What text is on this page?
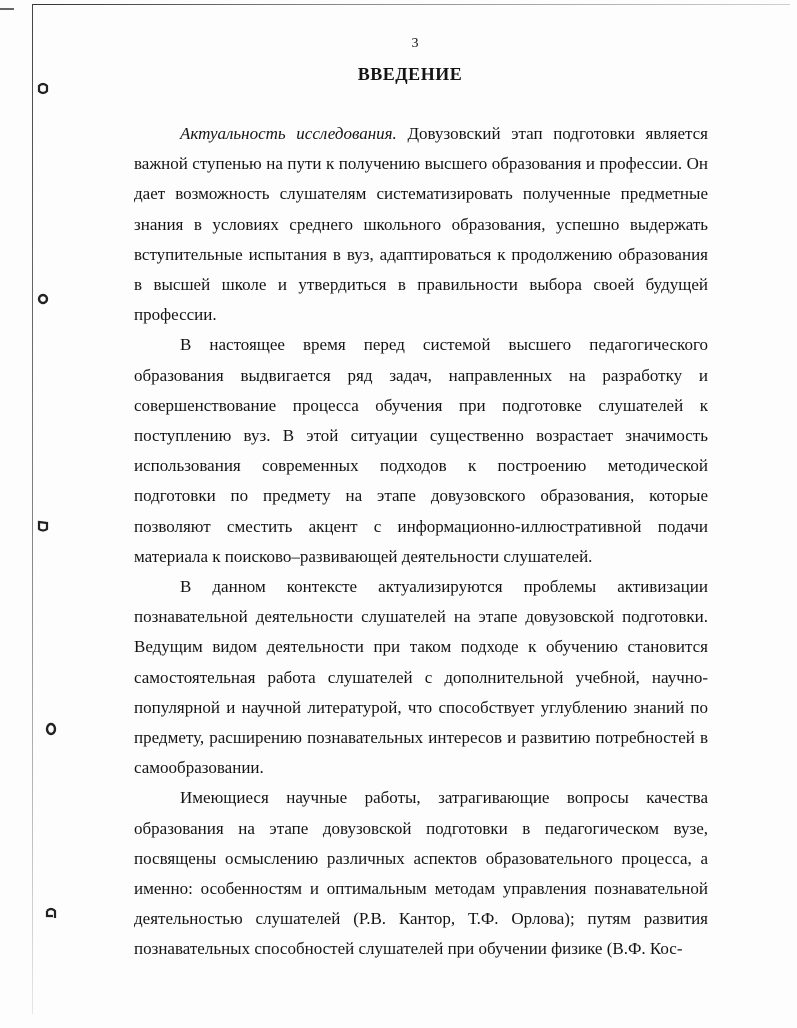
3
ВВЕДЕНИЕ

Актуальность исследования. Довузовский этап подготовки является важной ступенью на пути к получению высшего образования и профессии. Он дает возможность слушателям систематизировать полученные предметные знания в условиях среднего школьного образования, успешно выдержать вступительные испытания в вуз, адаптироваться к продолжению образования в высшей школе и утвердиться в правильности выбора своей будущей профессии.

В настоящее время перед системой высшего педагогического образования выдвигается ряд задач, направленных на разработку и совершенствование процесса обучения при подготовке слушателей к поступлению вуз. В этой ситуации существенно возрастает значимость использования современных подходов к построению методической подготовки по предмету на этапе довузовского образования, которые позволяют сместить акцент с информационно-иллюстративной подачи материала к поисково–развивающей деятельности слушателей.

В данном контексте актуализируются проблемы активизации познавательной деятельности слушателей на этапе довузовской подготовки. Ведущим видом деятельности при таком подходе к обучению становится самостоятельная работа слушателей с дополнительной учебной, научно-популярной и научной литературой, что способствует углублению знаний по предмету, расширению познавательных интересов и развитию потребностей в самообразовании.

Имеющиеся научные работы, затрагивающие вопросы качества образования на этапе довузовской подготовки в педагогическом вузе, посвящены осмыслению различных аспектов образовательного процесса, а именно: особенностям и оптимальным методам управления познавательной деятельностью слушателей (Р.В. Кантор, Т.Ф. Орлова); путям развития познавательных способностей слушателей при обучении физике (В.Ф. Кос-
